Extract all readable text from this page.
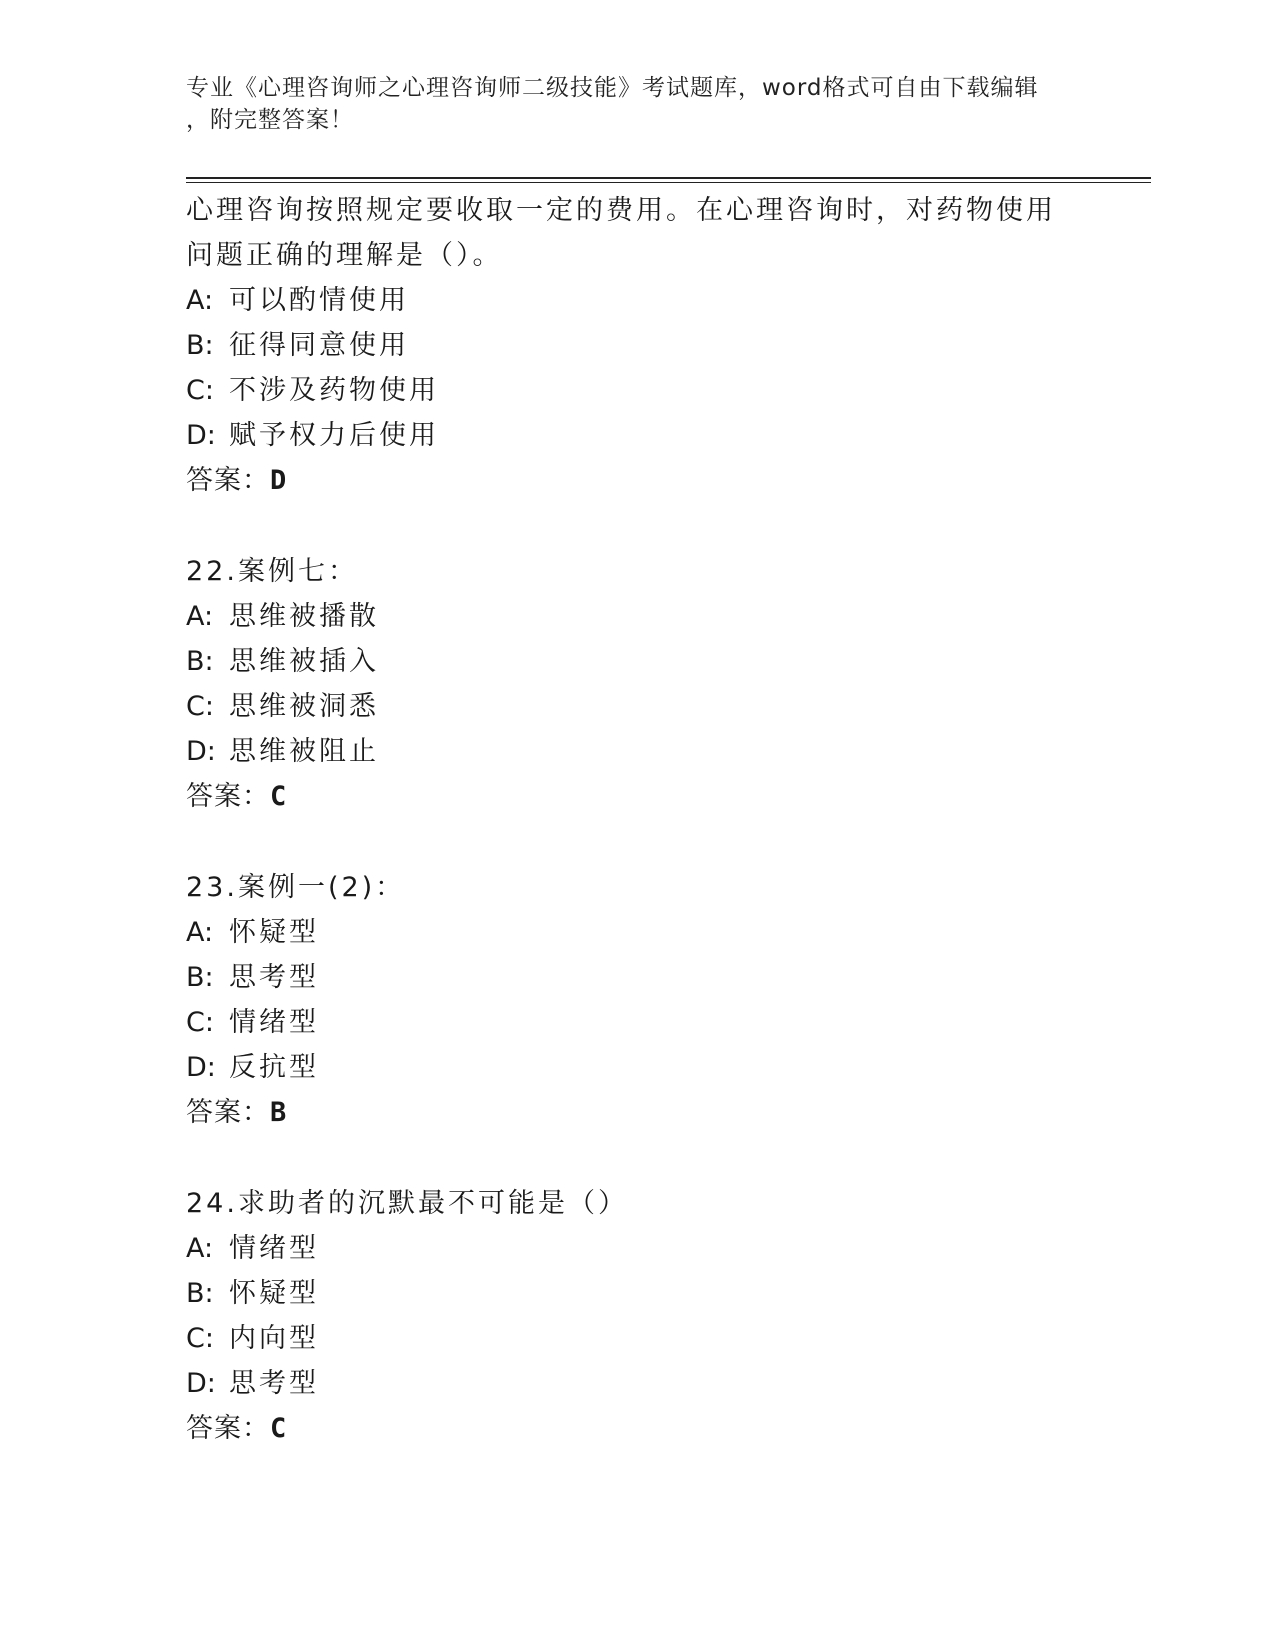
专业《心理咨询师之心理咨询师二级技能》考试题库，word格式可自由下载编辑
，附完整答案！
心理咨询按照规定要收取一定的费用。在心理咨询时，对药物使用问题正确的理解是（）。
A: 可以酌情使用
B: 征得同意使用
C: 不涉及药物使用
D: 赋予权力后使用
答案：D
22.案例七：
A: 思维被播散
B: 思维被插入
C: 思维被洞悉
D: 思维被阻止
答案：C
23.案例一(2)：
A: 怀疑型
B: 思考型
C: 情绪型
D: 反抗型
答案：B
24.求助者的沉默最不可能是（）
A: 情绪型
B: 怀疑型
C: 内向型
D: 思考型
答案：C
